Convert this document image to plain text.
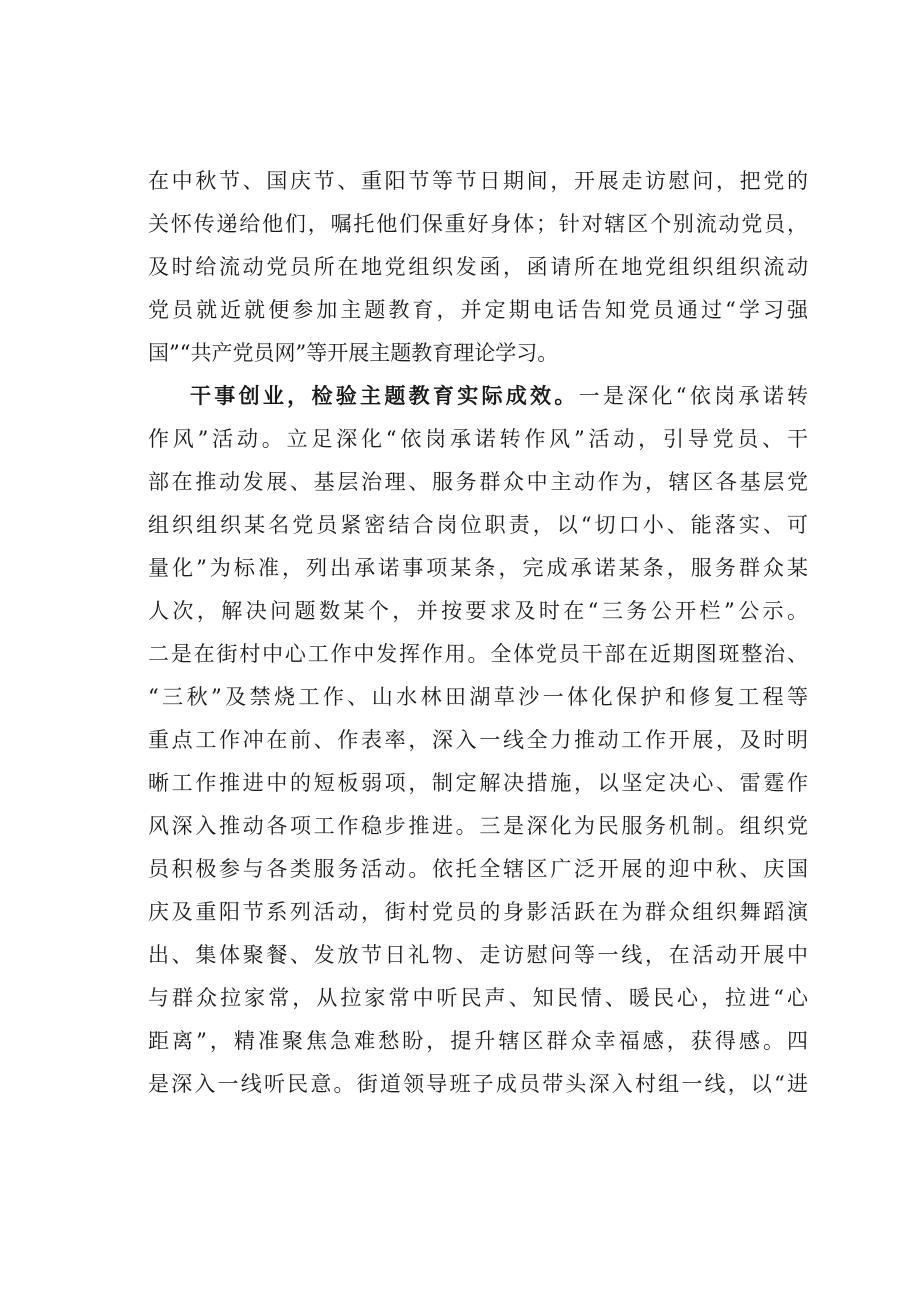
在中秋节、国庆节、重阳节等节日期间，开展走访慰问，把党的
关怀传递给他们，嘱托他们保重好身体；针对辖区个别流动党员，
及时给流动党员所在地党组织发函，函请所在地党组织组织流动
党员就近就便参加主题教育，并定期电话告知党员通过“学习强
国”“共产党员网”等开展主题教育理论学习。
干事创业，检验主题教育实际成效。一是深化“依岗承诺转
作风”活动。立足深化“依岗承诺转作风”活动，引导党员、干
部在推动发展、基层治理、服务群众中主动作为，辖区各基层党
组织组织某名党员紧密结合岗位职责，以“切口小、能落实、可
量化”为标准，列出承诺事项某条，完成承诺某条，服务群众某
人次，解决问题数某个，并按要求及时在“三务公开栏”公示。
二是在街村中心工作中发挥作用。全体党员干部在近期图斑整治、
“三秋”及禁烧工作、山水林田湖草沙一体化保护和修复工程等
重点工作冲在前、作表率，深入一线全力推动工作开展，及时明
晰工作推进中的短板弱项，制定解决措施，以坚定决心、雷霆作
风深入推动各项工作稳步推进。三是深化为民服务机制。组织党
员积极参与各类服务活动。依托全辖区广泛开展的迎中秋、庆国
庆及重阳节系列活动，街村党员的身影活跃在为群众组织舞蹈演
出、集体聚餐、发放节日礼物、走访慰问等一线，在活动开展中
与群众拉家常，从拉家常中听民声、知民情、暖民心，拉进“心
距离”，精准聚焦急难愁盼，提升辖区群众幸福感，获得感。四
是深入一线听民意。街道领导班子成员带头深入村组一线，以“进
